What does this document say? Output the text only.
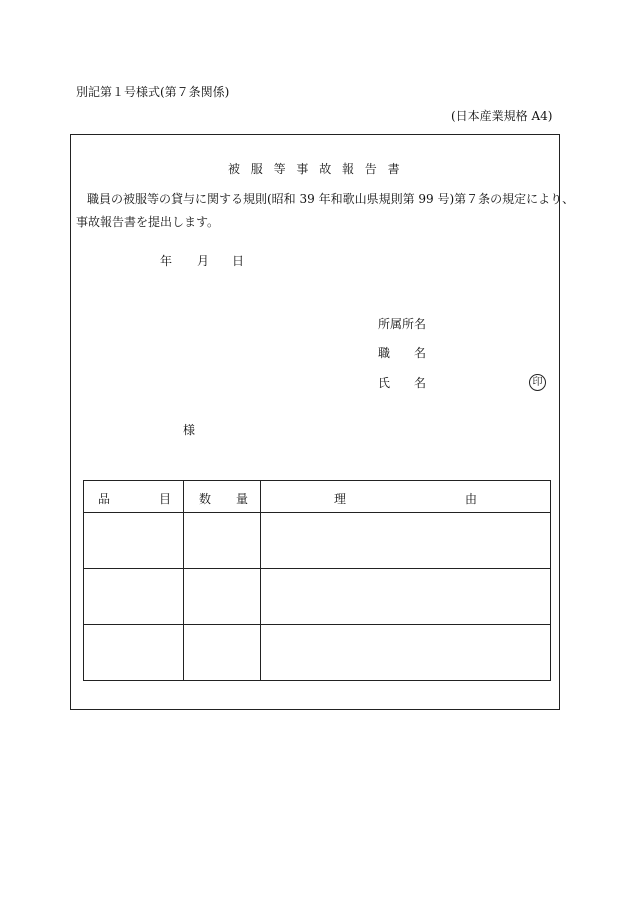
別記第１号様式(第７条関係)
(日本産業規格 A4)
被服等事故報告書
職員の被服等の貸与に関する規則(昭和 39 年和歌山県規則第 99 号)第７条の規定により、
事故報告書を提出します。
年 月 日
所属所名
職 名
氏 名	印
様
品 目	数 量	理 由
